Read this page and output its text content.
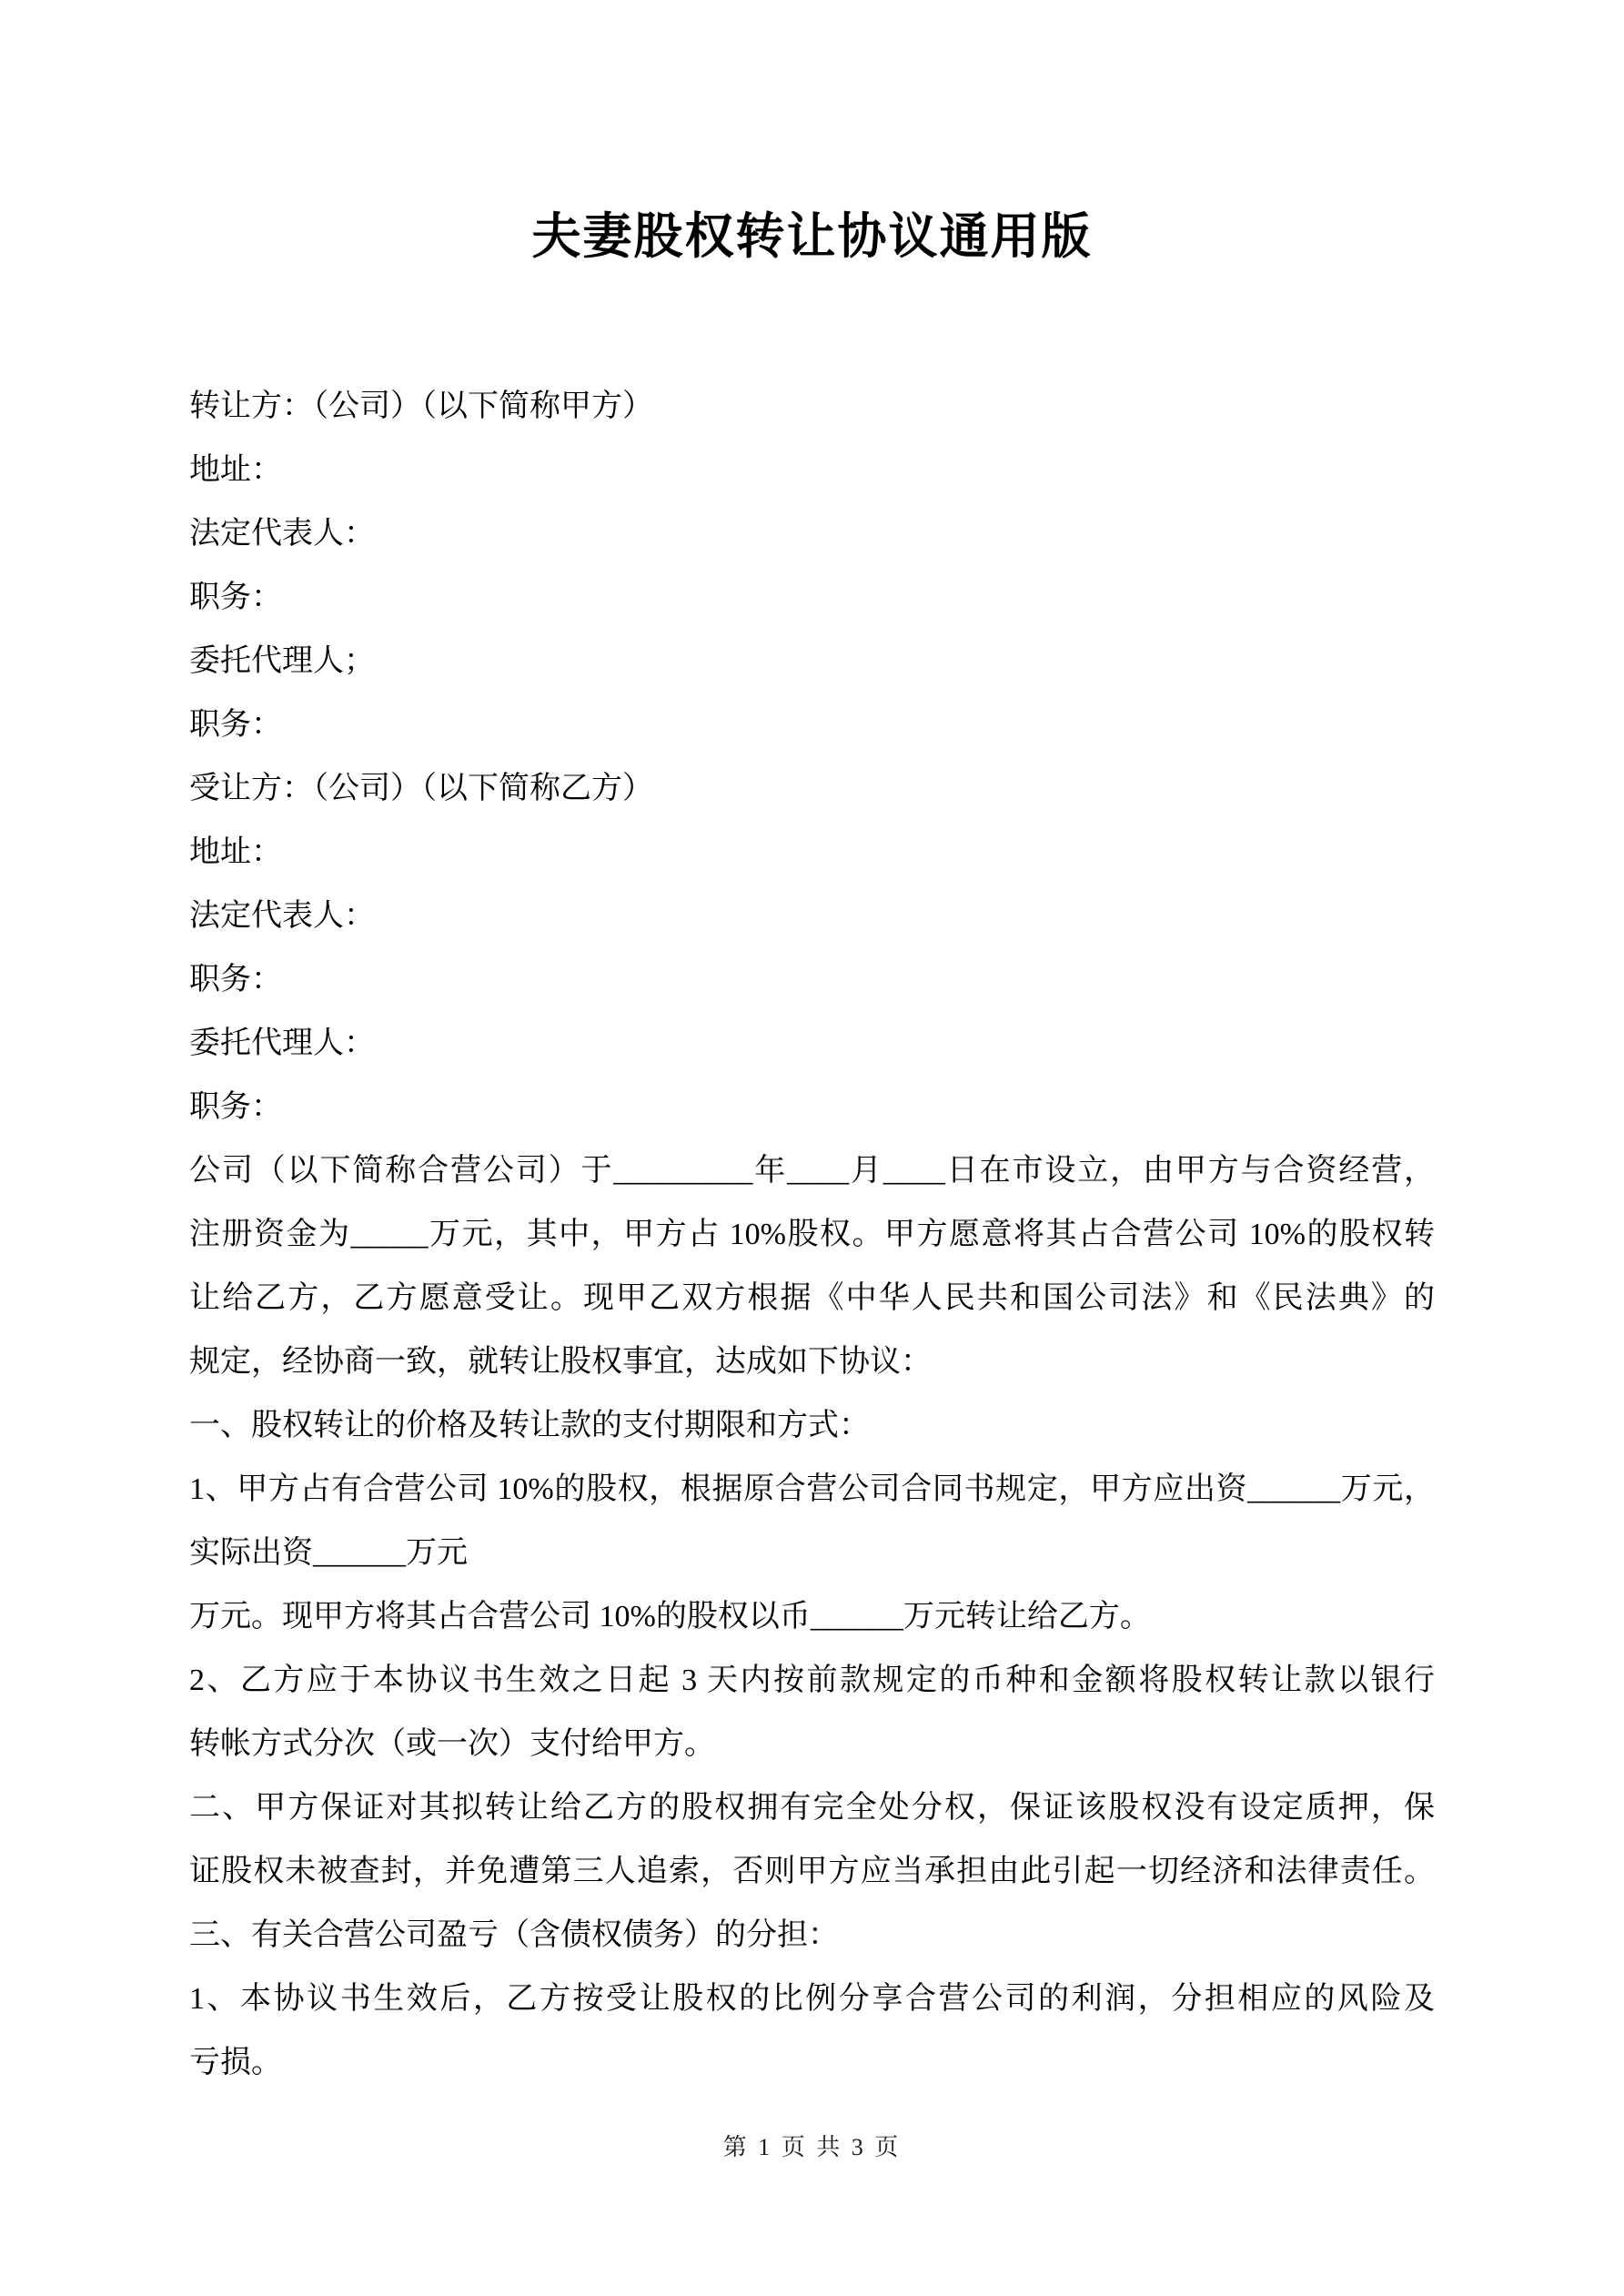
夫妻股权转让协议通用版
转让方：（公司）（以下简称甲方）
地址：
法定代表人：
职务：
委托代理人；
职务：
受让方：（公司）（以下简称乙方）
地址：
法定代表人：
职务：
委托代理人：
职务：
公司（以下简称合营公司）于_________年____月____日在市设立，由甲方与合资经营，
注册资金为_____万元，其中，甲方占 10%股权。甲方愿意将其占合营公司 10%的股权转
让给乙方，乙方愿意受让。现甲乙双方根据《中华人民共和国公司法》和《民法典》的
规定，经协商一致，就转让股权事宜，达成如下协议：
一、股权转让的价格及转让款的支付期限和方式：
1、甲方占有合营公司 10%的股权，根据原合营公司合同书规定，甲方应出资______万元，
实际出资______万元
万元。现甲方将其占合营公司 10%的股权以币______万元转让给乙方。
2、乙方应于本协议书生效之日起 3 天内按前款规定的币种和金额将股权转让款以银行
转帐方式分次（或一次）支付给甲方。
二、甲方保证对其拟转让给乙方的股权拥有完全处分权，保证该股权没有设定质押，保
证股权未被查封，并免遭第三人追索，否则甲方应当承担由此引起一切经济和法律责任。
三、有关合营公司盈亏（含债权债务）的分担：
1、本协议书生效后，乙方按受让股权的比例分享合营公司的利润，分担相应的风险及
亏损。
第 1 页 共 3 页
